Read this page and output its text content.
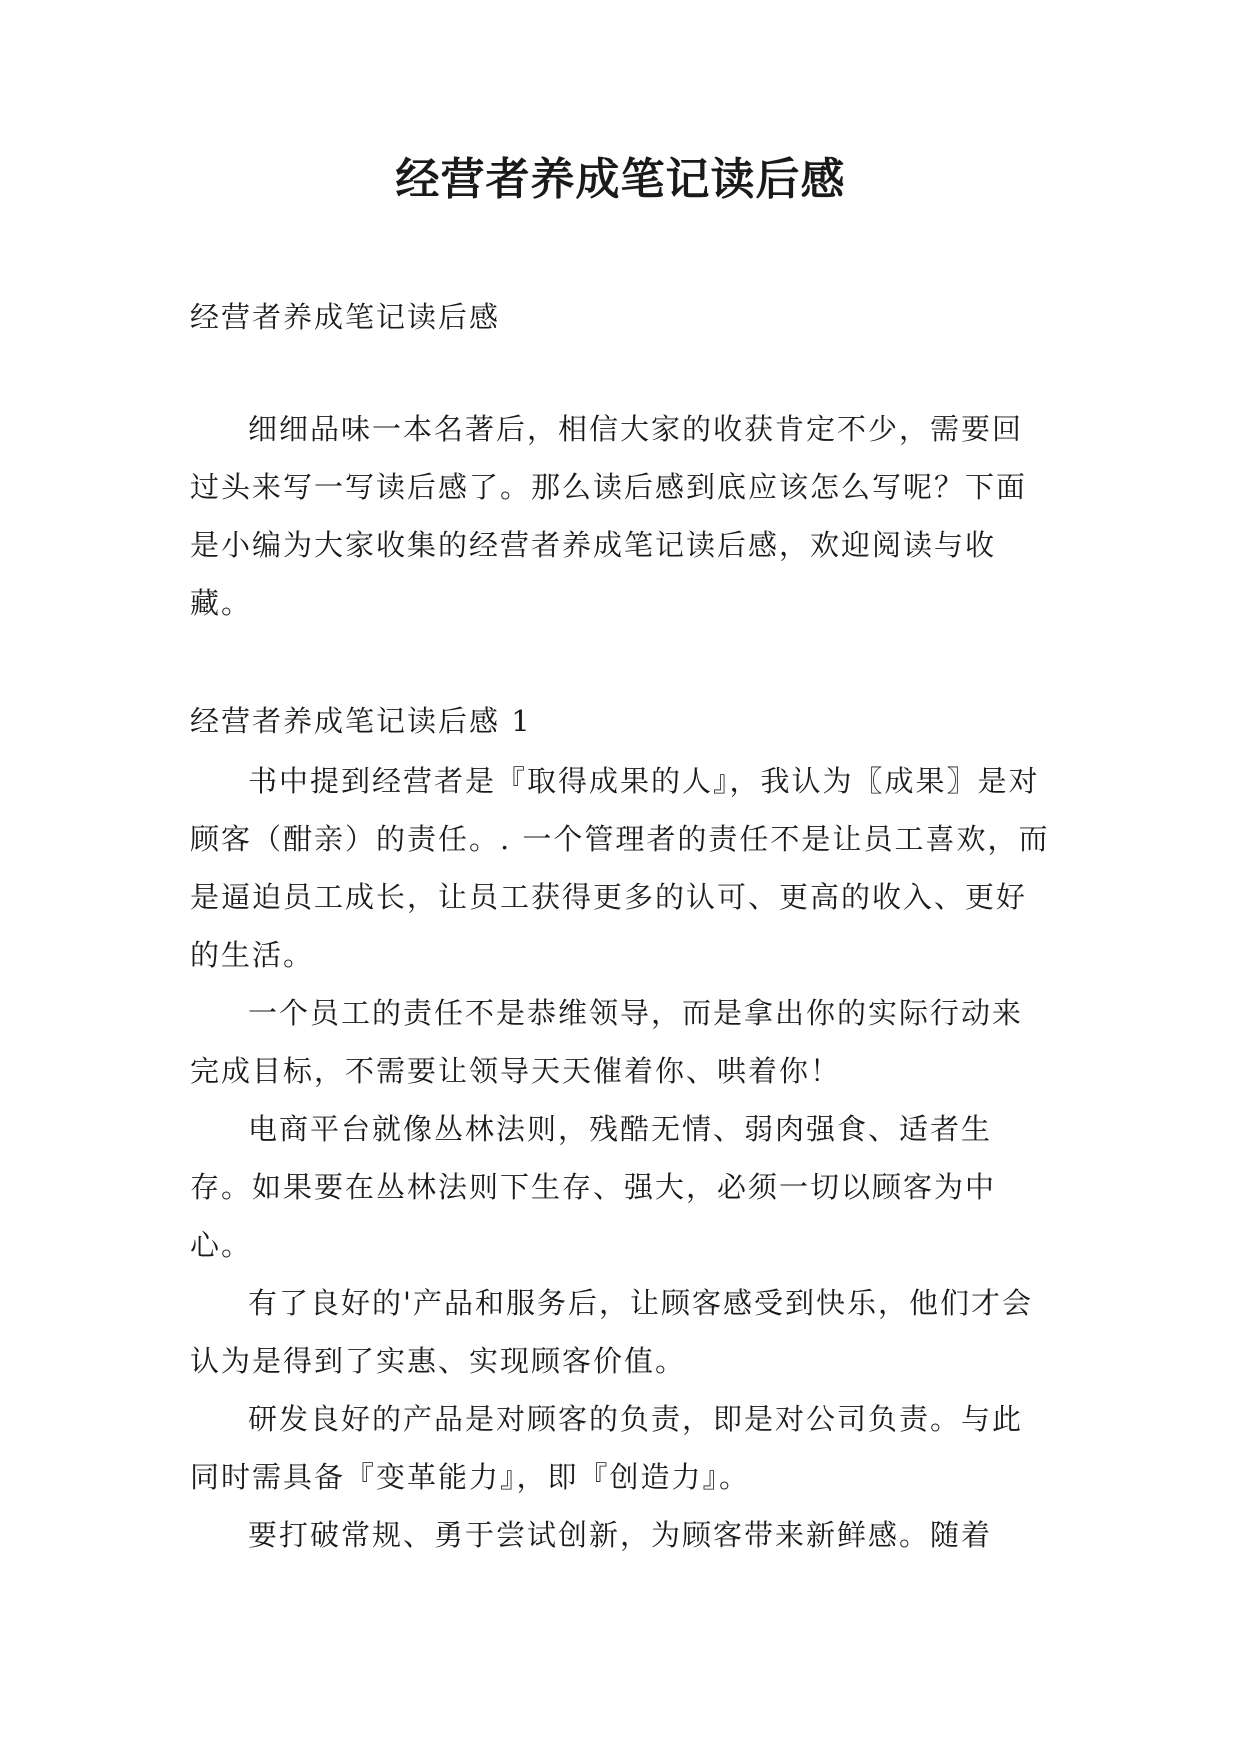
经营者养成笔记读后感

经营者养成笔记读后感

细细品味一本名著后，相信大家的收获肯定不少，需要回过头来写一写读后感了。那么读后感到底应该怎么写呢？下面是小编为大家收集的经营者养成笔记读后感，欢迎阅读与收藏。

经营者养成笔记读后感 1

书中提到经营者是『取得成果的人』，我认为〖成果〗是对顾客（酣亲）的责任。. 一个管理者的责任不是让员工喜欢，而是逼迫员工成长，让员工获得更多的认可、更高的收入、更好的生活。

一个员工的责任不是恭维领导，而是拿出你的实际行动来完成目标，不需要让领导天天催着你、哄着你！

电商平台就像丛林法则，残酷无情、弱肉强食、适者生存。如果要在丛林法则下生存、强大，必须一切以顾客为中心。

有了良好的'产品和服务后，让顾客感受到快乐，他们才会认为是得到了实惠、实现顾客价值。

研发良好的产品是对顾客的负责，即是对公司负责。与此同时需具备『变革能力』，即『创造力』。

要打破常规、勇于尝试创新，为顾客带来新鲜感。随着
